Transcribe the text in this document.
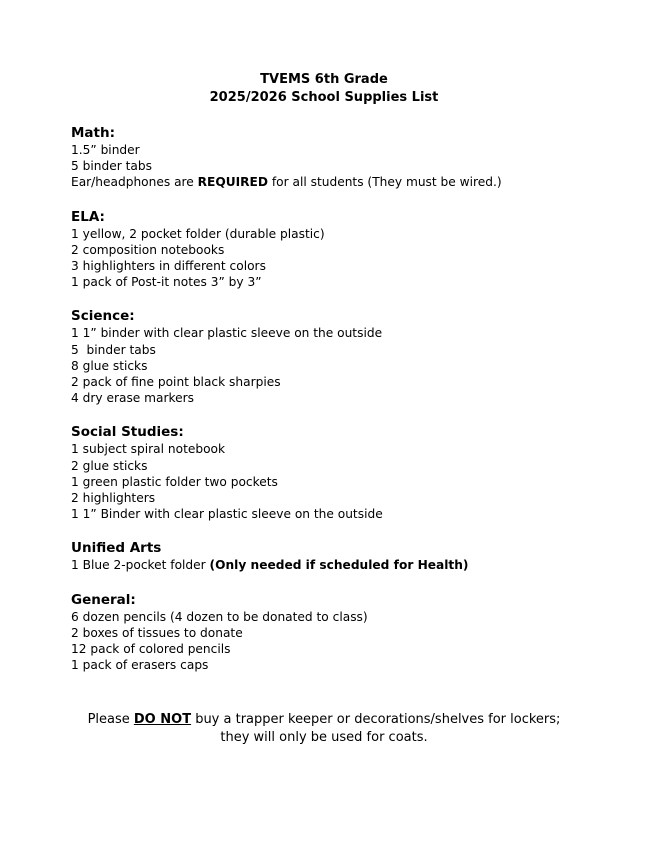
TVEMS 6th Grade
2025/2026 School Supplies List
Math:
1.5” binder
5 binder tabs
Ear/headphones are REQUIRED for all students (They must be wired.)
ELA:
1 yellow, 2 pocket folder (durable plastic)
2 composition notebooks
3 highlighters in different colors
1 pack of Post-it notes 3” by 3”
Science:
1 1” binder with clear plastic sleeve on the outside
5  binder tabs
8 glue sticks
2 pack of fine point black sharpies
4 dry erase markers
Social Studies:
1 subject spiral notebook
2 glue sticks
1 green plastic folder two pockets
2 highlighters
1 1” Binder with clear plastic sleeve on the outside
Unified Arts
1 Blue 2-pocket folder (Only needed if scheduled for Health)
General:
6 dozen pencils (4 dozen to be donated to class)
2 boxes of tissues to donate
12 pack of colored pencils
1 pack of erasers caps
Please DO NOT buy a trapper keeper or decorations/shelves for lockers;
they will only be used for coats.
